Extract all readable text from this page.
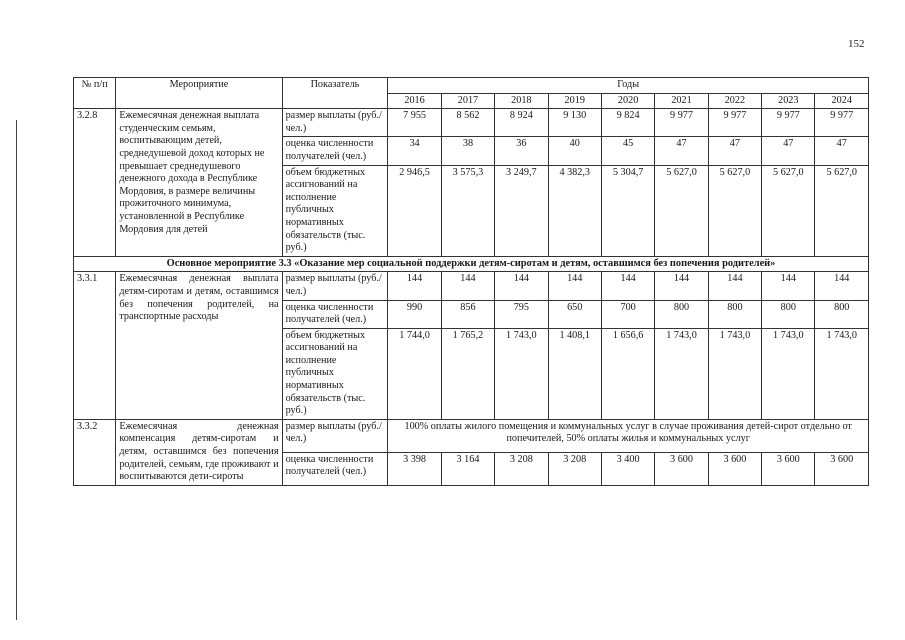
152
№ п/п	Мероприятие	Показатель	Годы								
			2016	2017	2018	2019	2020	2021	2022	2023	2024
3.2.8	Ежемесячная денежная выплата студенческим семьям, воспитывающим детей, среднедушевой доход которых не превышает среднедушевого денежного дохода в Республике Мордовия, в размере величины прожиточного минимума, установленной в Республике Мордовия для детей	размер выплаты (руб./ чел.)	7 955	8 562	8 924	9 130	9 824	9 977	9 977	9 977	9 977
		оценка численности получателей (чел.)	34	38	36	40	45	47	47	47	47
		объем бюджетных ассигнований на исполнение публичных нормативных обязательств (тыс. руб.)	2 946,5	3 575,3	3 249,7	4 382,3	5 304,7	5 627,0	5 627,0	5 627,0	5 627,0
Основное мероприятие 3.3 «Оказание мер социальной поддержки детям-сиротам и детям, оставшимся без попечения родителей»											
3.3.1	Ежемесячная денежная выплата детям-сиротам и детям, оставшимся без попечения родителей, на транспортные расходы	размер выплаты (руб./ чел.)	144	144	144	144	144	144	144	144	144
		оценка численности получателей (чел.)	990	856	795	650	700	800	800	800	800
		объем бюджетных ассигнований на исполнение публичных нормативных обязательств (тыс. руб.)	1 744,0	1 765,2	1 743,0	1 408,1	1 656,6	1 743,0	1 743,0	1 743,0	1 743,0
3.3.2	Ежемесячная денежная компенсация детям-сиротам и детям, оставшимся без попечения родителей, семьям, где проживают и воспитываются дети-сироты	размер выплаты (руб./ чел.)	100% оплаты жилого помещения и коммунальных услуг в случае проживания детей-сирот отдельно от попечителей, 50% оплаты жилья и коммунальных услуг								
		оценка численности получателей (чел.)	3 398	3 164	3 208	3 208	3 400	3 600	3 600	3 600	3 600
